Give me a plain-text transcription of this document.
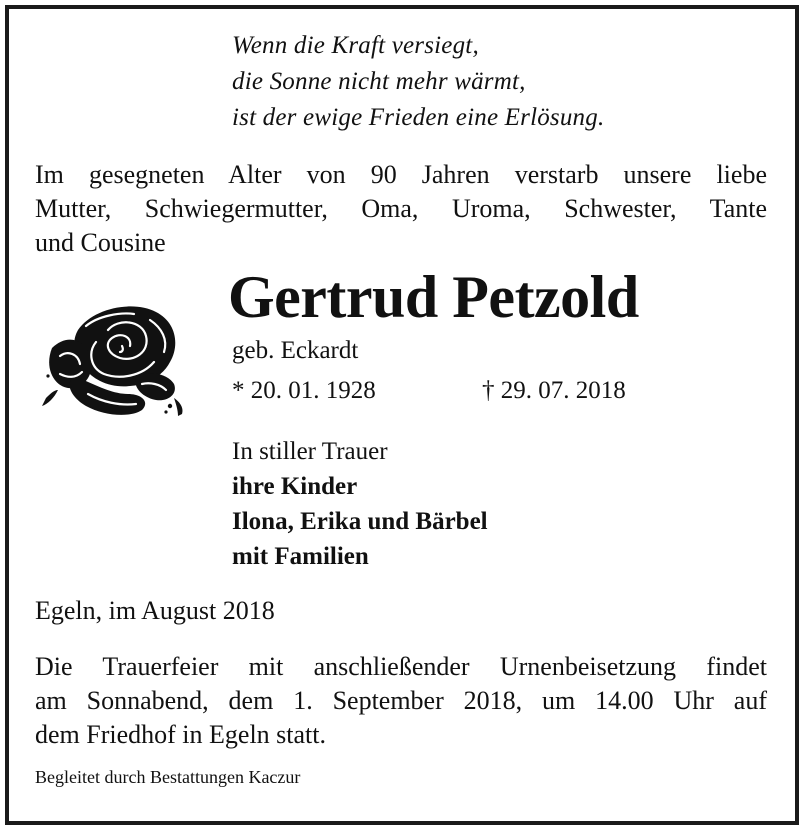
Wenn die Kraft versiegt,
die Sonne nicht mehr wärmt,
ist der ewige Frieden eine Erlösung.
Im gesegneten Alter von 90 Jahren verstarb unsere liebe
Mutter, Schwiegermutter, Oma, Uroma, Schwester, Tante
und Cousine
Gertrud Petzold
geb. Eckardt
* 20. 01. 1928	† 29. 07. 2018
In stiller Trauer
ihre Kinder
Ilona, Erika und Bärbel
mit Familien
Egeln, im August 2018
Die Trauerfeier mit anschließender Urnenbeisetzung findet
am Sonnabend, dem 1. September 2018, um 14.00 Uhr auf
dem Friedhof in Egeln statt.
Begleitet durch Bestattungen Kaczur
